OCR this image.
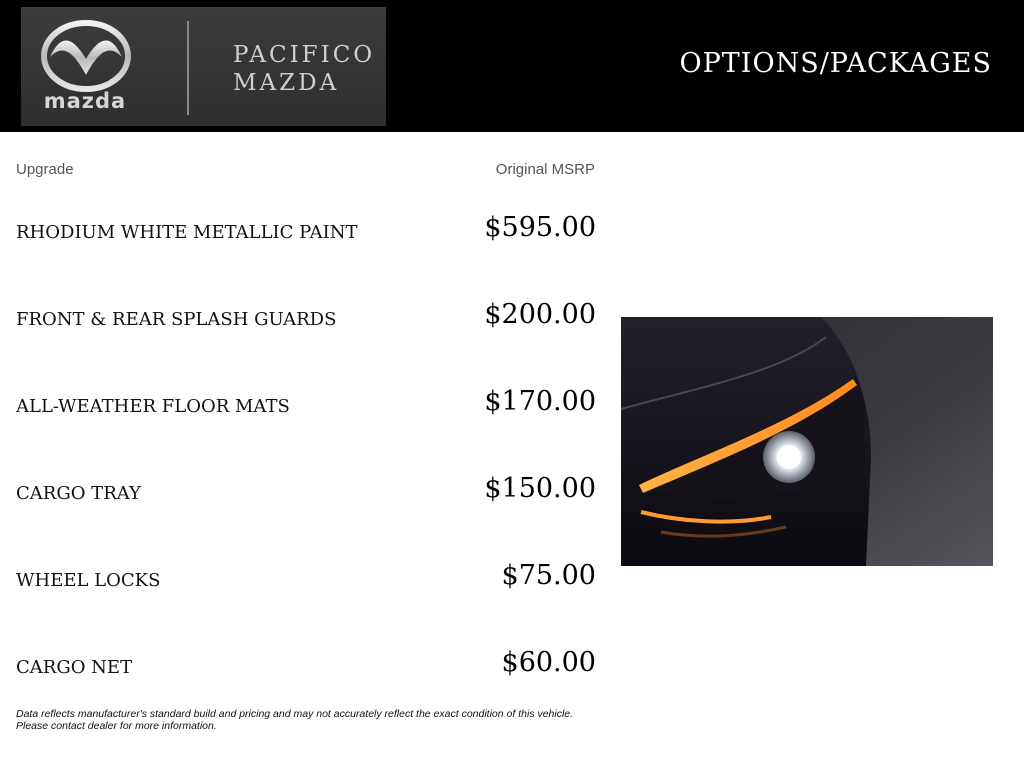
mazda
PACIFICO
MAZDA
OPTIONS/PACKAGES
Upgrade	Original MSRP
RHODIUM WHITE METALLIC PAINT	$595.00
FRONT & REAR SPLASH GUARDS	$200.00
ALL-WEATHER FLOOR MATS	$170.00
CARGO TRAY	$150.00
WHEEL LOCKS	$75.00
CARGO NET	$60.00
Data reflects manufacturer's standard build and pricing and may not accurately reflect the exact condition of this vehicle.
Please contact dealer for more information.
